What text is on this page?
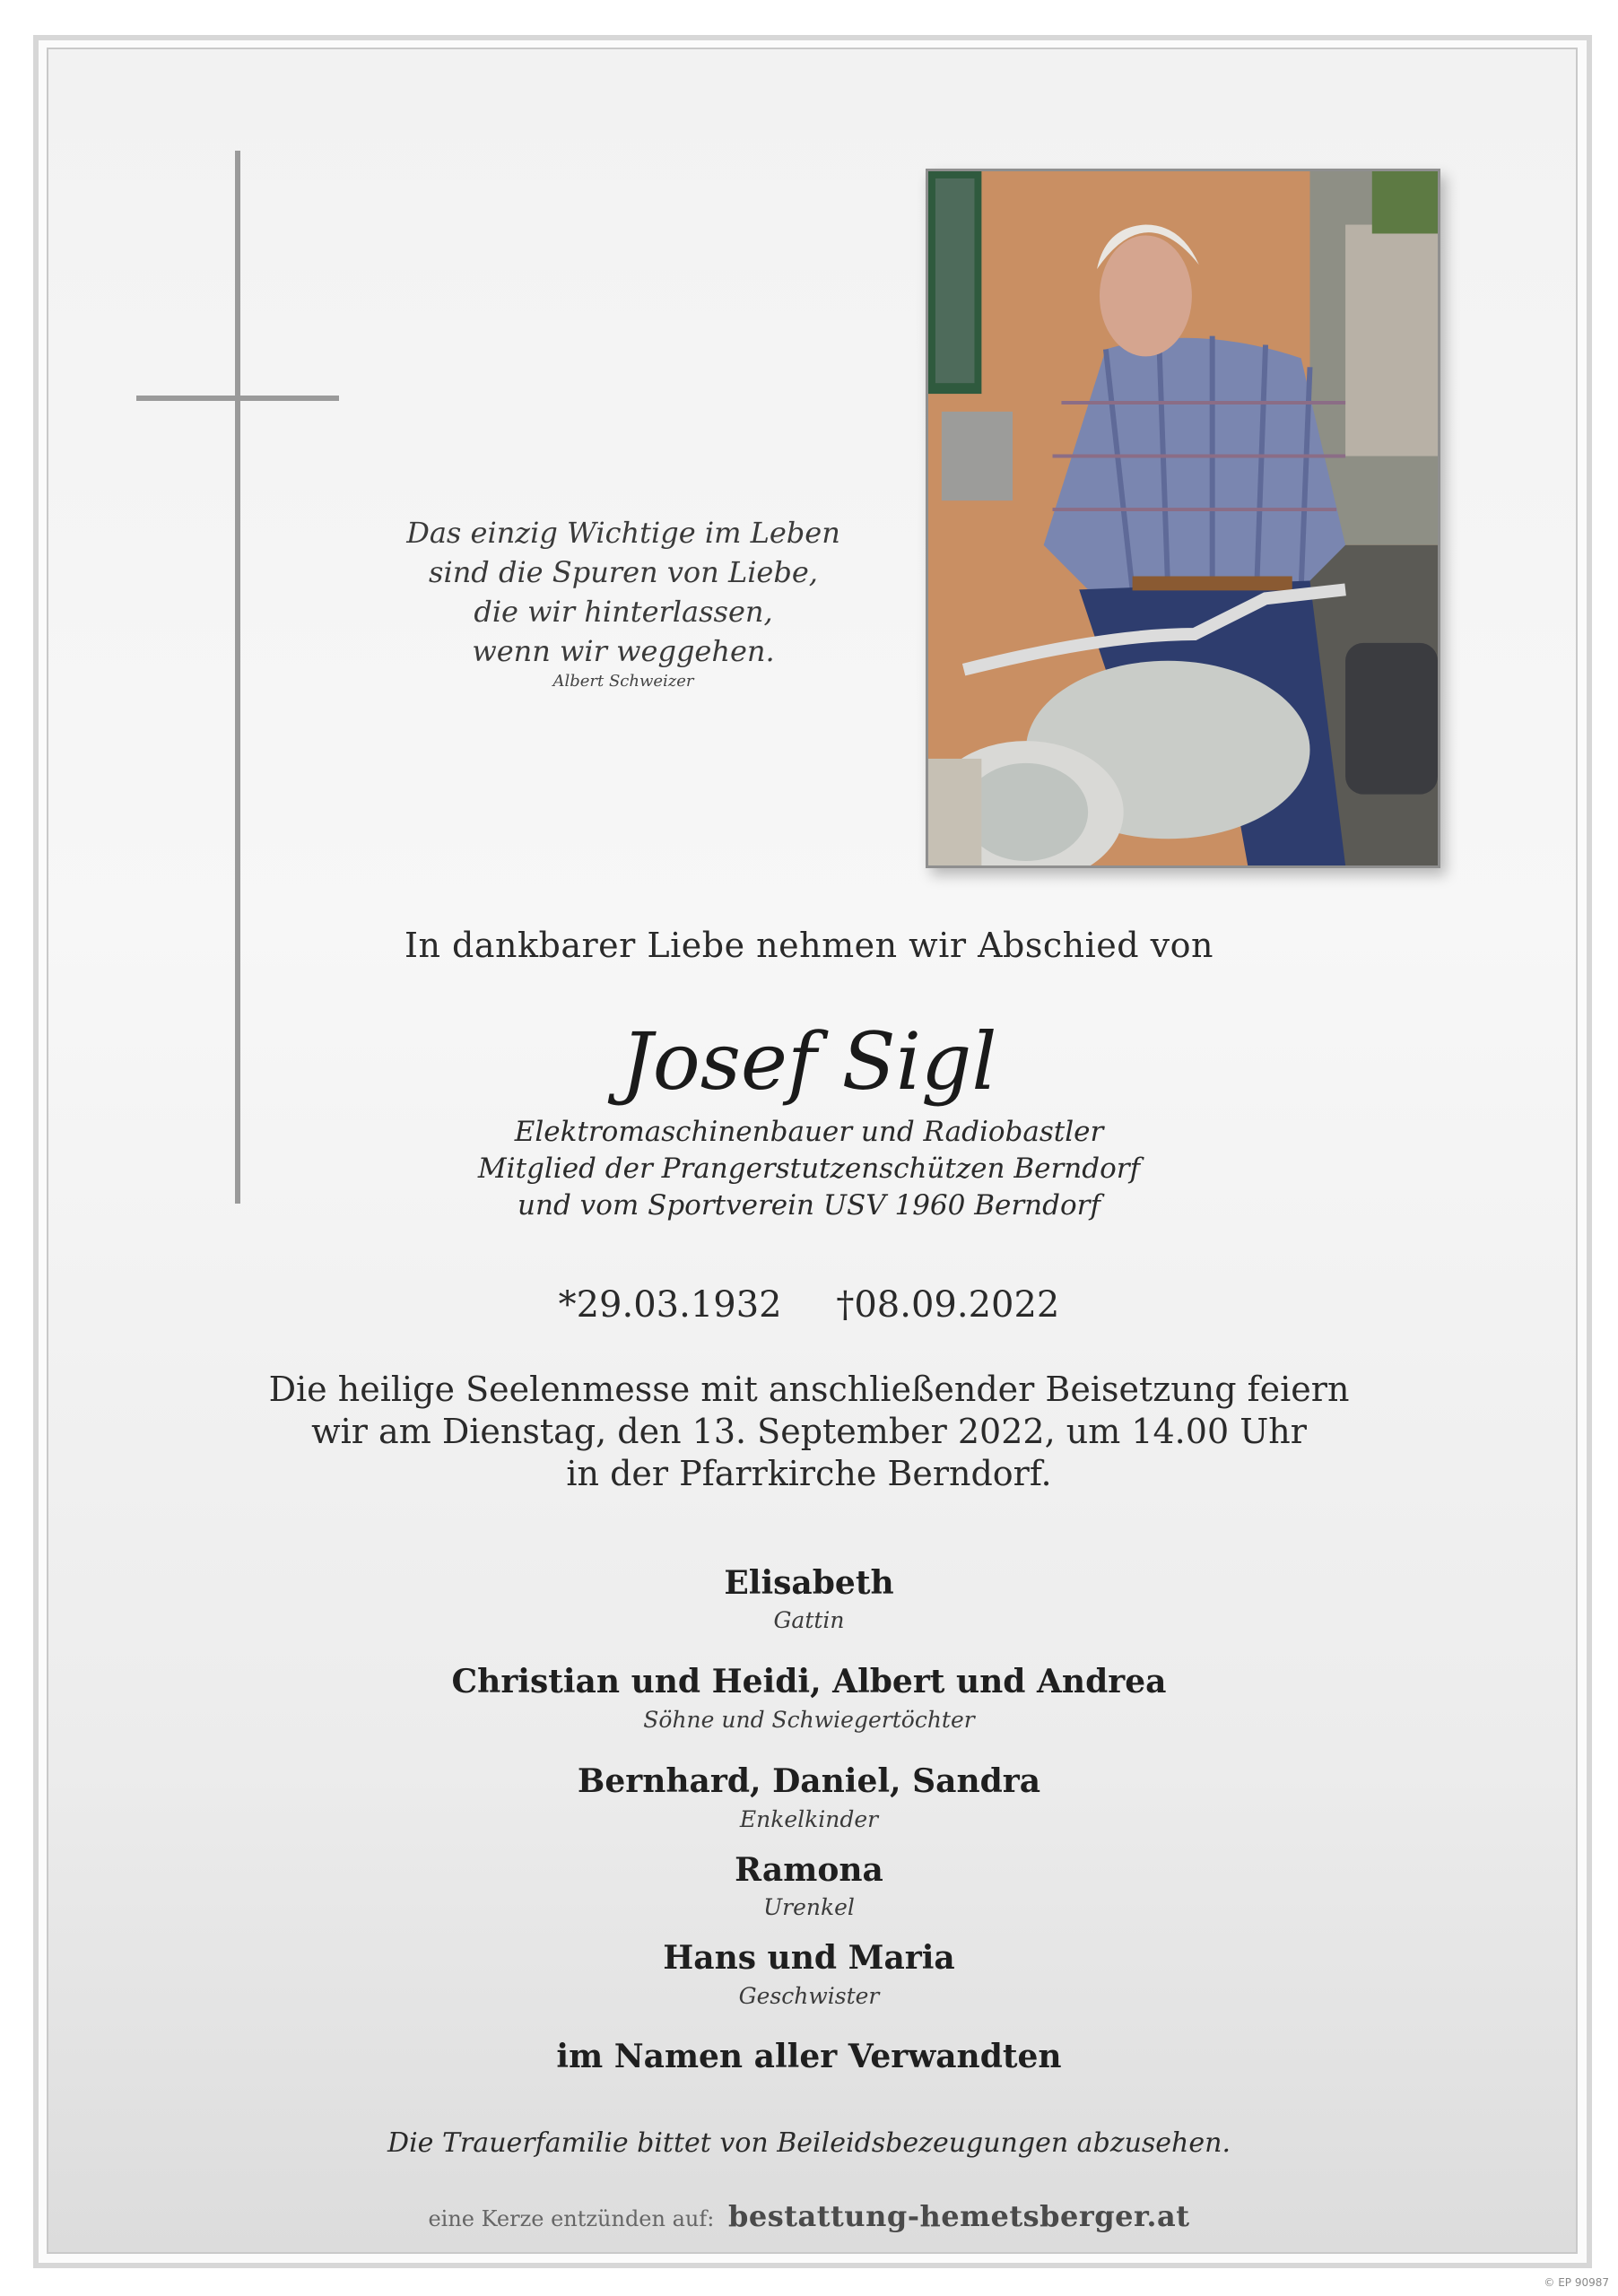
Das einzig Wichtige im Leben
sind die Spuren von Liebe,
die wir hinterlassen,
wenn wir weggehen.
Albert Schweizer
In dankbarer Liebe nehmen wir Abschied von
Josef Sigl
Elektromaschinenbauer und Radiobastler
Mitglied der Prangerstutzenschützen Berndorf
und vom Sportverein USV 1960 Berndorf
*29.03.1932 †08.09.2022
Die heilige Seelenmesse mit anschließender Beisetzung feiern
wir am Dienstag, den 13. September 2022, um 14.00 Uhr
in der Pfarrkirche Berndorf.
Elisabeth
Gattin
Christian und Heidi, Albert und Andrea
Söhne und Schwiegertöchter
Bernhard, Daniel, Sandra
Enkelkinder
Ramona
Urenkel
Hans und Maria
Geschwister
im Namen aller Verwandten
Die Trauerfamilie bittet von Beileidsbezeugungen abzusehen.
eine Kerze entzünden auf: bestattung-hemetsberger.at
© EP 90987
